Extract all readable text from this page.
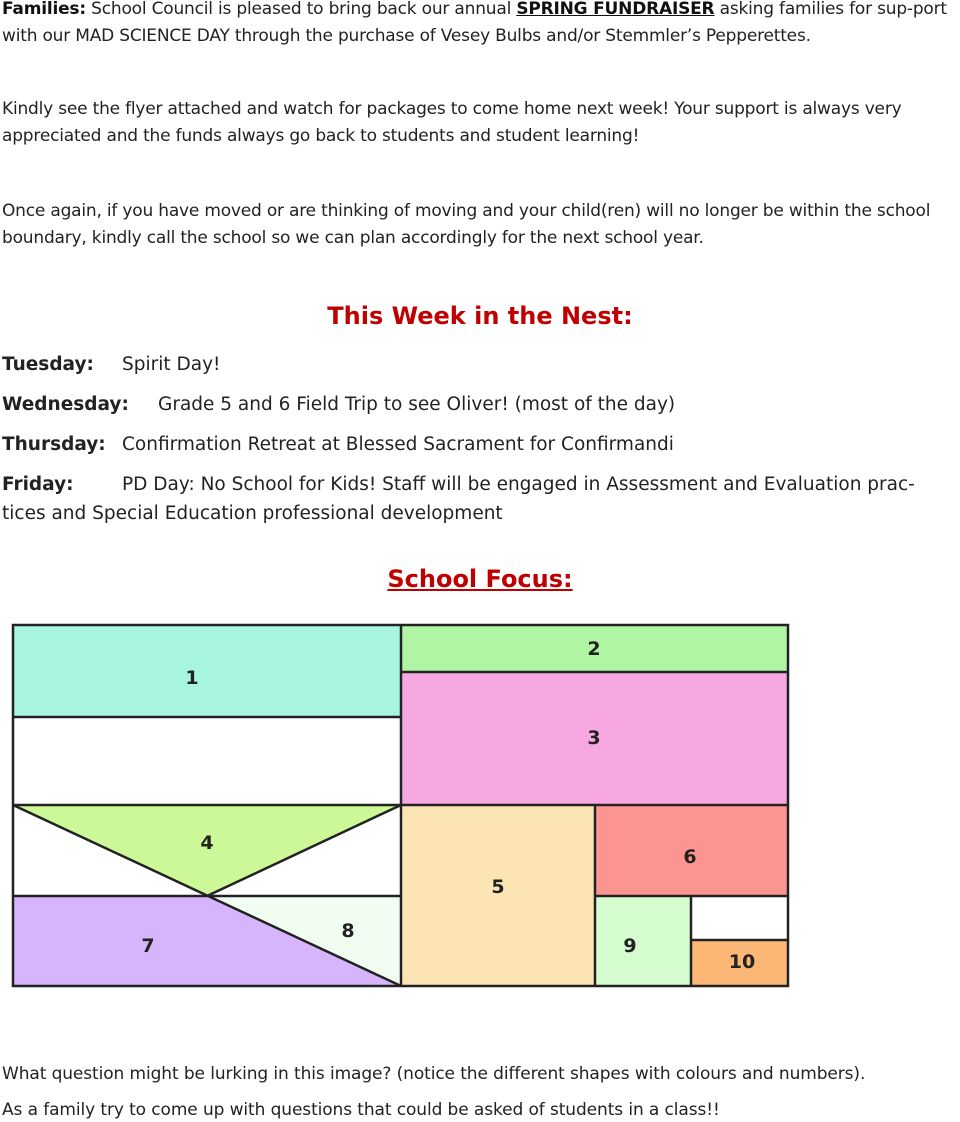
Families: School Council is pleased to bring back our annual SPRING FUNDRAISER asking families for sup-port with our MAD SCIENCE DAY through the purchase of Vesey Bulbs and/or Stemmler’s Pepperettes.
Kindly see the flyer attached and watch for packages to come home next week! Your support is always very appreciated and the funds always go back to students and student learning!
Once again, if you have moved or are thinking of moving and your child(ren) will no longer be within the school boundary, kindly call the school so we can plan accordingly for the next school year.
This Week in the Nest:
Tuesday: Spirit Day!
Wednesday: Grade 5 and 6 Field Trip to see Oliver! (most of the day)
Thursday: Confirmation Retreat at Blessed Sacrament for Confirmandi
Friday:	PD Day: No School for Kids! Staff will be engaged in Assessment and Evaluation prac-tices and Special Education professional development
School Focus:
1
2
3
4
5
6
7
8
9
10
What question might be lurking in this image? (notice the different shapes with colours and numbers).
As a family try to come up with questions that could be asked of students in a class!!
